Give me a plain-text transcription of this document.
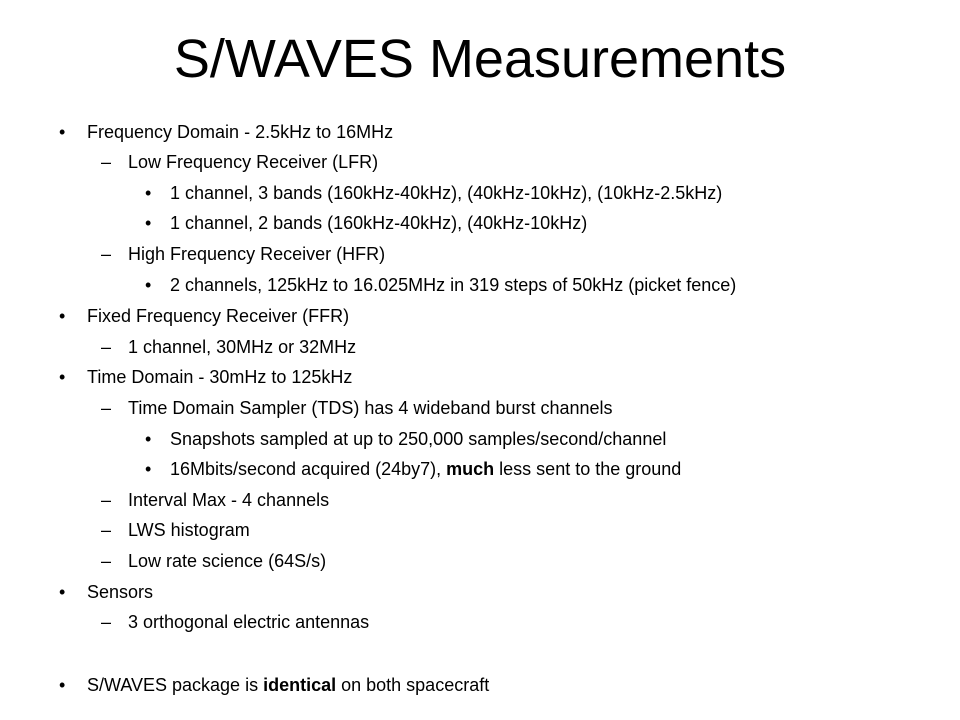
S/WAVES Measurements
• Frequency Domain - 2.5kHz to 16MHz
– Low Frequency Receiver (LFR)
• 1 channel, 3 bands (160kHz-40kHz), (40kHz-10kHz), (10kHz-2.5kHz)
• 1 channel, 2 bands (160kHz-40kHz), (40kHz-10kHz)
– High Frequency Receiver (HFR)
• 2 channels, 125kHz to 16.025MHz in 319 steps of 50kHz (picket fence)
• Fixed Frequency Receiver (FFR)
– 1 channel, 30MHz or 32MHz
• Time Domain - 30mHz to 125kHz
– Time Domain Sampler (TDS) has 4 wideband burst channels
• Snapshots sampled at up to 250,000 samples/second/channel
• 16Mbits/second acquired (24by7), much less sent to the ground
– Interval Max - 4 channels
– LWS histogram
– Low rate science (64S/s)
• Sensors
– 3 orthogonal electric antennas
• S/WAVES package is identical on both spacecraft
